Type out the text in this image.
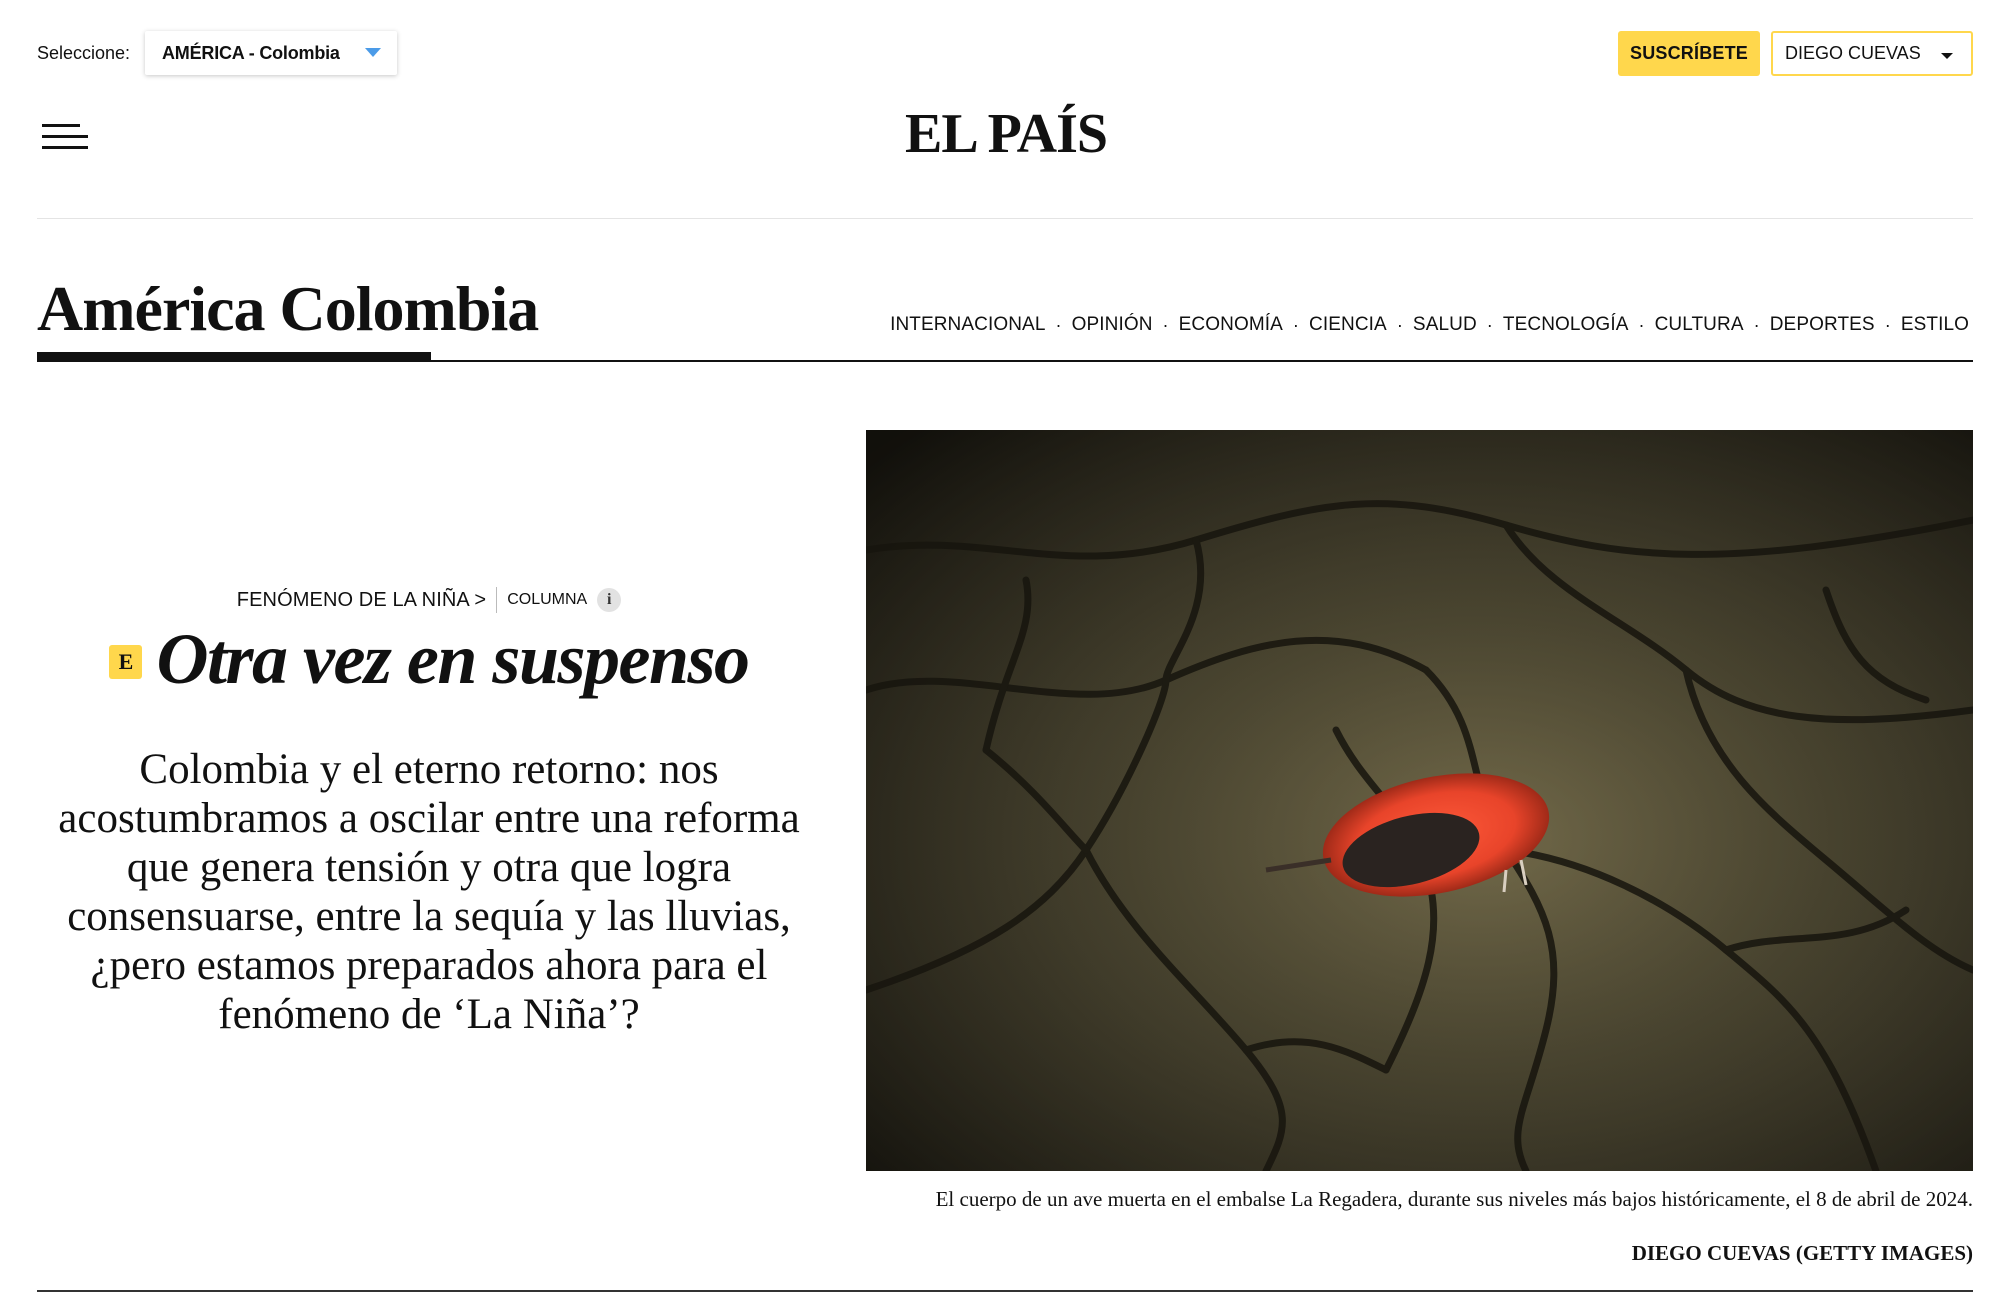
Seleccione: AMÉRICA - Colombia	SUSCRÍBETE	DIEGO CUEVAS
EL PAÍS
América Colombia	INTERNACIONAL · OPINIÓN · ECONOMÍA · CIENCIA · SALUD · TECNOLOGÍA · CULTURA · DEPORTES · ESTILO
FENÓMENO DE LA NIÑA > COLUMNA	i
E Otra vez en suspenso

Colombia y el eterno retorno: nos acostumbramos a oscilar entre una reforma que genera tensión y otra que logra consensuarse, entre la sequía y las lluvias, ¿pero estamos preparados ahora para el fenómeno de ‘La Niña’?

El cuerpo de un ave muerta en el embalse La Regadera, durante sus niveles más bajos históricamente, el 8 de abril de 2024.
DIEGO CUEVAS (GETTY IMAGES)
